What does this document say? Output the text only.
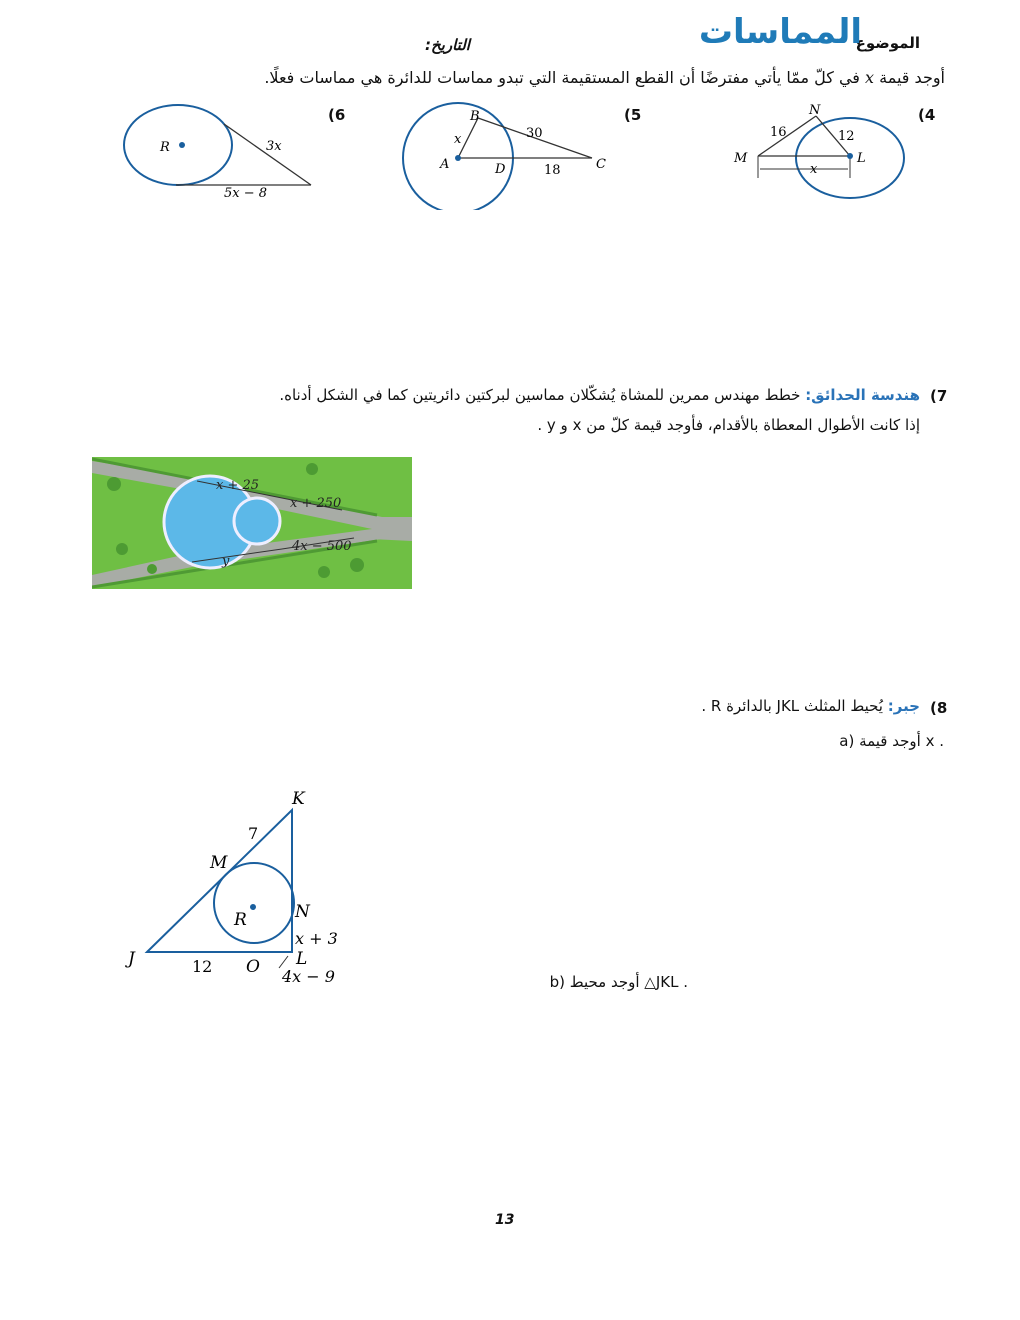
الموضوع
المماسات
التاريخ:
أوجد قيمة x في كلّ ممّا يأتي مفترضًا أن القطع المستقيمة التي تبدو مماسات للدائرة هي مماسات فعلًا.
(4
(5
(6
M
N
L
16	12
x
A
B
C
D
x	30
18
R	3x
5x − 8
(7
هندسة الحدائق: خطط مهندس ممرين للمشاة يُشكّلان مماسين لبركتين دائريتين كما في الشكل أدناه.
إذا كانت الأطوال المعطاة بالأقدام، فأوجد قيمة كلّ من x و y .
x + 25
x + 250
y
4x − 500
(8
جبر: يُحيط المثلث JKL بالدائرة R .
a) أوجد قيمة x .
b) أوجد محيط △JKL .
K
M
R	N
J	O L
7
12
x + 3
4x − 9
13
